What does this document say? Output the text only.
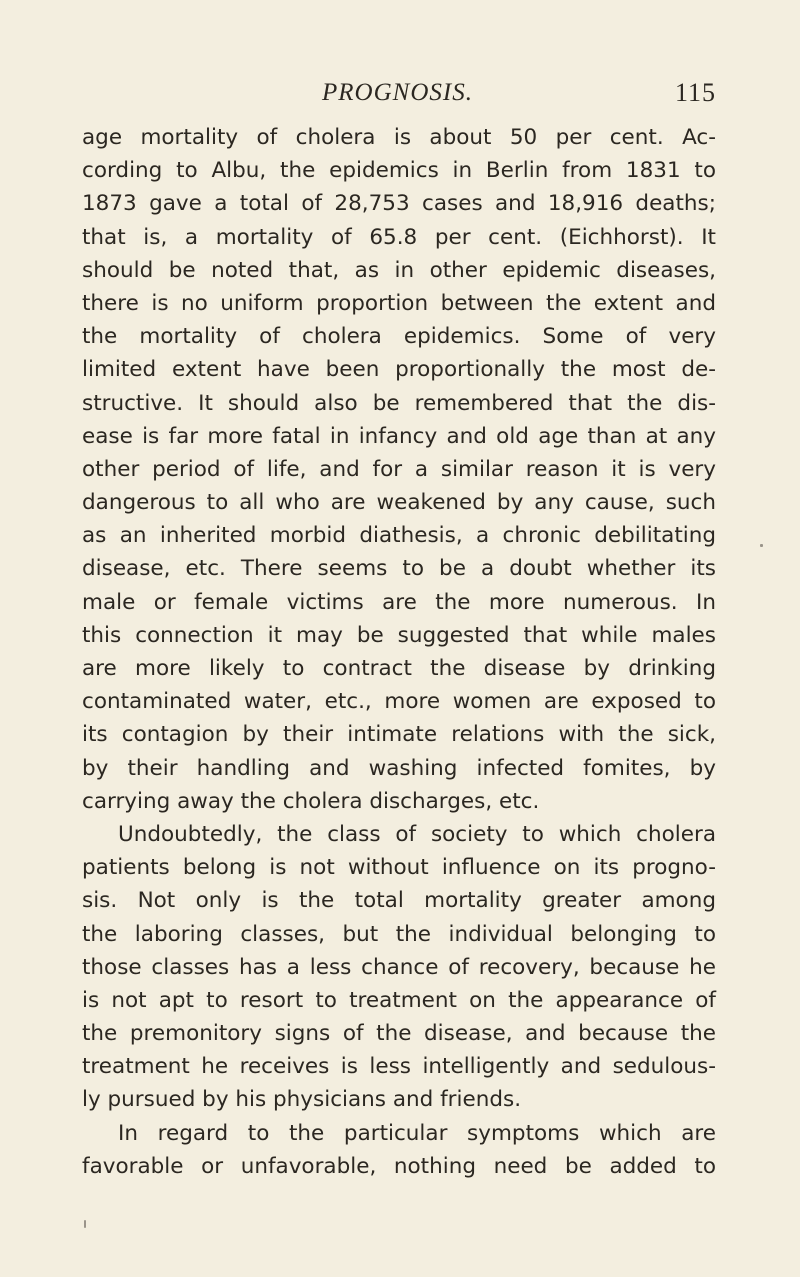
PROGNOSIS.	115
age mortality of cholera is about 50 per cent. Ac-
cording to Albu, the epidemics in Berlin from 1831 to
1873 gave a total of 28,753 cases and 18,916 deaths;
that is, a mortality of 65.8 per cent. (Eichhorst). It
should be noted that, as in other epidemic diseases,
there is no uniform proportion between the extent and
the mortality of cholera epidemics. Some of very
limited extent have been proportionally the most de-
structive. It should also be remembered that the dis-
ease is far more fatal in infancy and old age than at any
other period of life, and for a similar reason it is very
dangerous to all who are weakened by any cause, such
as an inherited morbid diathesis, a chronic debilitating
disease, etc. There seems to be a doubt whether its
male or female victims are the more numerous. In
this connection it may be suggested that while males
are more likely to contract the disease by drinking
contaminated water, etc., more women are exposed to
its contagion by their intimate relations with the sick,
by their handling and washing infected fomites, by
carrying away the cholera discharges, etc.
Undoubtedly, the class of society to which cholera
patients belong is not without influence on its progno-
sis. Not only is the total mortality greater among
the laboring classes, but the individual belonging to
those classes has a less chance of recovery, because he
is not apt to resort to treatment on the appearance of
the premonitory signs of the disease, and because the
treatment he receives is less intelligently and sedulous-
ly pursued by his physicians and friends.
In regard to the particular symptoms which are
favorable or unfavorable, nothing need be added to
